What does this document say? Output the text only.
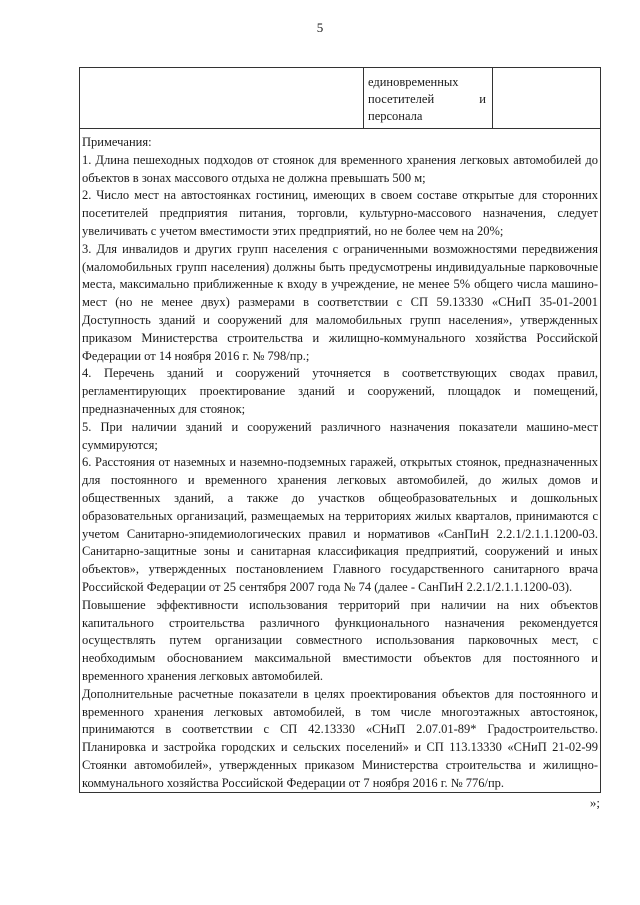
5
единовременных
посетителей	и
персонала

Примечания:

1. Длина пешеходных подходов от стоянок для временного хранения легковых автомобилей до объектов в зонах массового отдыха не должна превышать 500 м;

2. Число мест на автостоянках гостиниц, имеющих в своем составе открытые для сторонних посетителей предприятия питания, торговли, культурно-массового назначения, следует увеличивать с учетом вместимости этих предприятий, но не более чем на 20%;

3. Для инвалидов и других групп населения с ограниченными возможностями передвижения (маломобильных групп населения) должны быть предусмотрены индивидуальные парковочные места, максимально приближенные к входу в учреждение, не менее 5% общего числа машино-мест (но не менее двух) размерами в соответствии с СП 59.13330 «СНиП 35-01-2001 Доступность зданий и сооружений для маломобильных групп населения», утвержденных приказом Министерства строительства и жилищно-коммунального хозяйства Российской Федерации от 14 ноября 2016 г. № 798/пр.;

4. Перечень зданий и сооружений уточняется в соответствующих сводах правил, регламентирующих проектирование зданий и сооружений, площадок и помещений, предназначенных для стоянок;

5. При наличии зданий и сооружений различного назначения показатели машино-мест суммируются;

6. Расстояния от наземных и наземно-подземных гаражей, открытых стоянок, предназначенных для постоянного и временного хранения легковых автомобилей, до жилых домов и общественных зданий, а также до участков общеобразовательных и дошкольных образовательных организаций, размещаемых на территориях жилых кварталов, принимаются с учетом Санитарно-эпидемиологических правил и нормативов «СанПиН 2.2.1/2.1.1.1200-03. Санитарно-защитные зоны и санитарная классификация предприятий, сооружений и иных объектов», утвержденных постановлением Главного государственного санитарного врача Российской Федерации от 25 сентября 2007 года № 74 (далее - СанПиН 2.2.1/2.1.1.1200-03).

Повышение эффективности использования территорий при наличии на них объектов капитального строительства различного функционального назначения рекомендуется осуществлять путем организации совместного использования парковочных мест, с необходимым обоснованием максимальной вместимости объектов для постоянного и временного хранения легковых автомобилей.

Дополнительные расчетные показатели в целях проектирования объектов для постоянного и временного хранения легковых автомобилей, в том числе многоэтажных автостоянок, принимаются в соответствии с СП 42.13330 «СНиП 2.07.01-89* Градостроительство. Планировка и застройка городских и сельских поселений» и СП 113.13330 «СНиП 21-02-99 Стоянки автомобилей», утвержденных приказом Министерства строительства и жилищно-коммунального хозяйства Российской Федерации от 7 ноября 2016 г. № 776/пр.

»;
